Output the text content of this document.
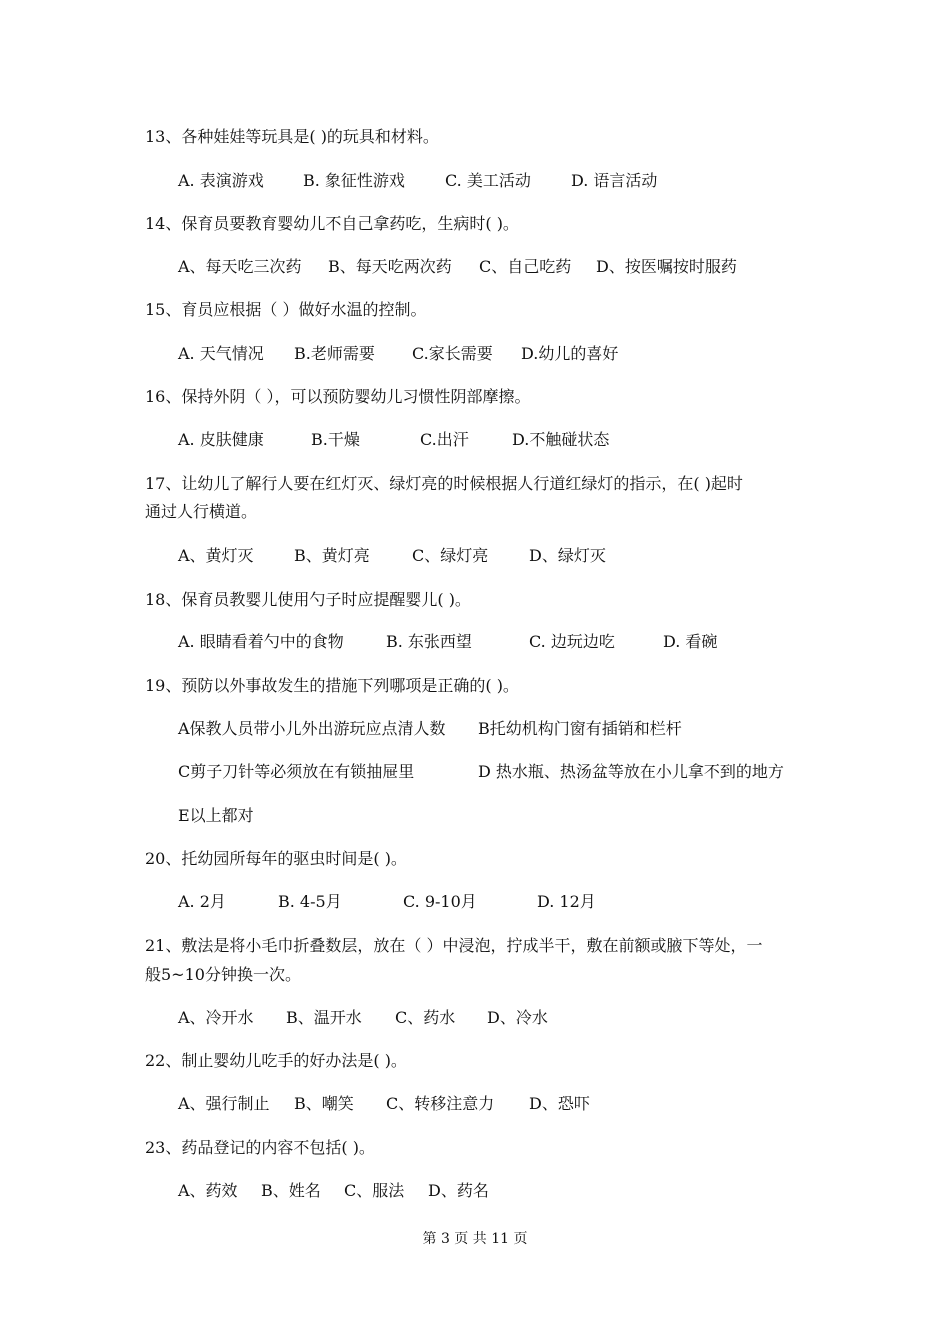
13、各种娃娃等玩具是( )的玩具和材料。
A. 表演游戏 B. 象征性游戏	C. 美工活动	D. 语言活动
14、保育员要教育婴幼儿不自己拿药吃，生病时( )。
A、每天吃三次药 B、每天吃两次药 C、自己吃药 D、按医嘱按时服药
15、育员应根据（ ）做好水温的控制。
A. 天气情况 B.老师需要 C.家长需要 D.幼儿的喜好
16、保持外阴（ ），可以预防婴幼儿习惯性阴部摩擦。
A. 皮肤健康	B.干燥	C.出汗	D.不触碰状态
17、让幼儿了解行人要在红灯灭、绿灯亮的时候根据人行道红绿灯的指示，在( )起时
通过人行横道。
A、黄灯灭	B、黄灯亮	C、绿灯亮	D、绿灯灭
18、保育员教婴儿使用勺子时应提醒婴儿( )。
A. 眼睛看着勺中的食物	B. 东张西望	C. 边玩边吃	D. 看碗
19、预防以外事故发生的措施下列哪项是正确的( )。
A保教人员带小儿外出游玩应点清人数 B托幼机构门窗有插销和栏杆
C剪子刀针等必须放在有锁抽屉里	D 热水瓶、热汤盆等放在小儿拿不到的地方
E以上都对
20、托幼园所每年的驱虫时间是( )。
A. 2月	B. 4-5月	C. 9-10月	D. 12月
21、敷法是将小毛巾折叠数层，放在（ ）中浸泡，拧成半干，敷在前额或腋下等处，一
般5~10分钟换一次。
A、冷开水 B、温开水 C、药水 D、冷水
22、制止婴幼儿吃手的好办法是( )。
A、强行制止 B、嘲笑 C、转移注意力 D、恐吓
23、药品登记的内容不包括( )。
A、药效 B、姓名 C、服法 D、药名
第 3 页 共 11 页
